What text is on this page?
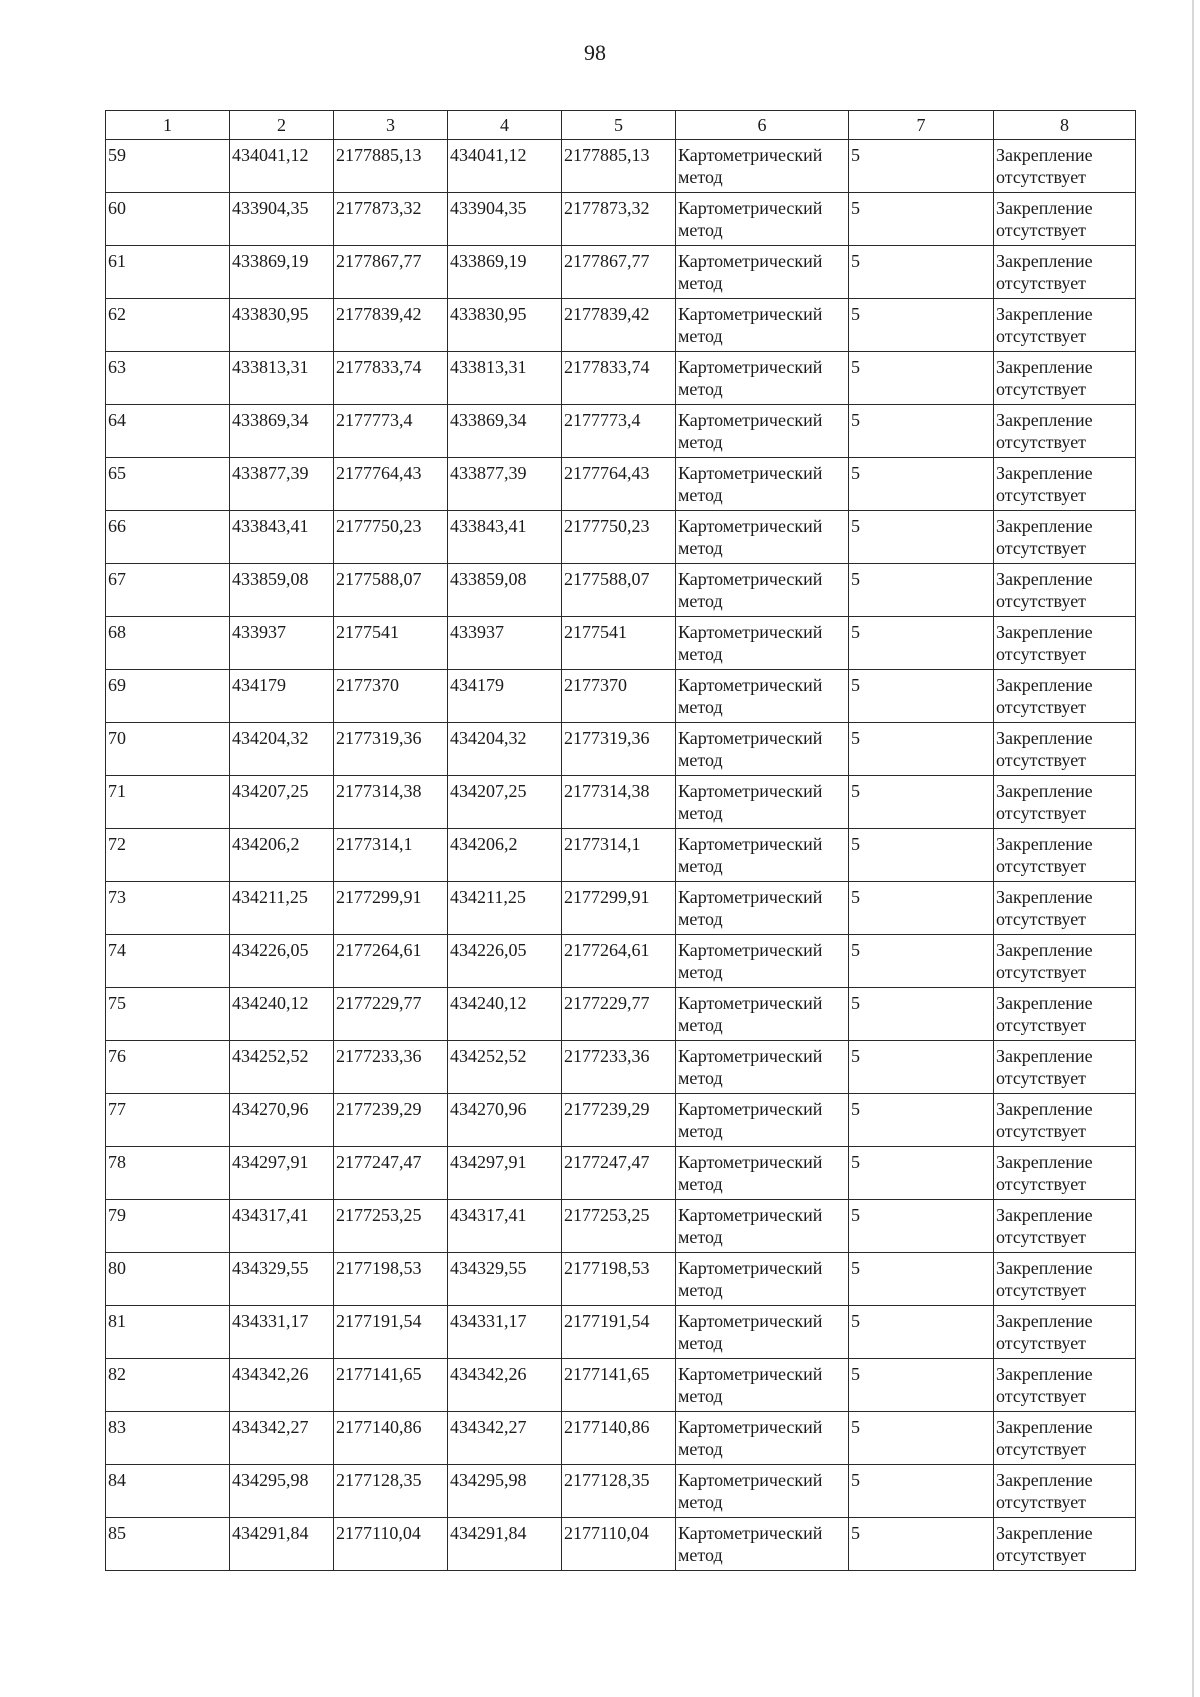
98
1	2	3	4	5	6	7	8
59	434041,12	2177885,13	434041,12	2177885,13	Картометрический метод	5	Закрепление отсутствует
60	433904,35	2177873,32	433904,35	2177873,32	Картометрический метод	5	Закрепление отсутствует
61	433869,19	2177867,77	433869,19	2177867,77	Картометрический метод	5	Закрепление отсутствует
62	433830,95	2177839,42	433830,95	2177839,42	Картометрический метод	5	Закрепление отсутствует
63	433813,31	2177833,74	433813,31	2177833,74	Картометрический метод	5	Закрепление отсутствует
64	433869,34	2177773,4	433869,34	2177773,4	Картометрический метод	5	Закрепление отсутствует
65	433877,39	2177764,43	433877,39	2177764,43	Картометрический метод	5	Закрепление отсутствует
66	433843,41	2177750,23	433843,41	2177750,23	Картометрический метод	5	Закрепление отсутствует
67	433859,08	2177588,07	433859,08	2177588,07	Картометрический метод	5	Закрепление отсутствует
68	433937	2177541	433937	2177541	Картометрический метод	5	Закрепление отсутствует
69	434179	2177370	434179	2177370	Картометрический метод	5	Закрепление отсутствует
70	434204,32	2177319,36	434204,32	2177319,36	Картометрический метод	5	Закрепление отсутствует
71	434207,25	2177314,38	434207,25	2177314,38	Картометрический метод	5	Закрепление отсутствует
72	434206,2	2177314,1	434206,2	2177314,1	Картометрический метод	5	Закрепление отсутствует
73	434211,25	2177299,91	434211,25	2177299,91	Картометрический метод	5	Закрепление отсутствует
74	434226,05	2177264,61	434226,05	2177264,61	Картометрический метод	5	Закрепление отсутствует
75	434240,12	2177229,77	434240,12	2177229,77	Картометрический метод	5	Закрепление отсутствует
76	434252,52	2177233,36	434252,52	2177233,36	Картометрический метод	5	Закрепление отсутствует
77	434270,96	2177239,29	434270,96	2177239,29	Картометрический метод	5	Закрепление отсутствует
78	434297,91	2177247,47	434297,91	2177247,47	Картометрический метод	5	Закрепление отсутствует
79	434317,41	2177253,25	434317,41	2177253,25	Картометрический метод	5	Закрепление отсутствует
80	434329,55	2177198,53	434329,55	2177198,53	Картометрический метод	5	Закрепление отсутствует
81	434331,17	2177191,54	434331,17	2177191,54	Картометрический метод	5	Закрепление отсутствует
82	434342,26	2177141,65	434342,26	2177141,65	Картометрический метод	5	Закрепление отсутствует
83	434342,27	2177140,86	434342,27	2177140,86	Картометрический метод	5	Закрепление отсутствует
84	434295,98	2177128,35	434295,98	2177128,35	Картометрический метод	5	Закрепление отсутствует
85	434291,84	2177110,04	434291,84	2177110,04	Картометрический метод	5	Закрепление отсутствует
